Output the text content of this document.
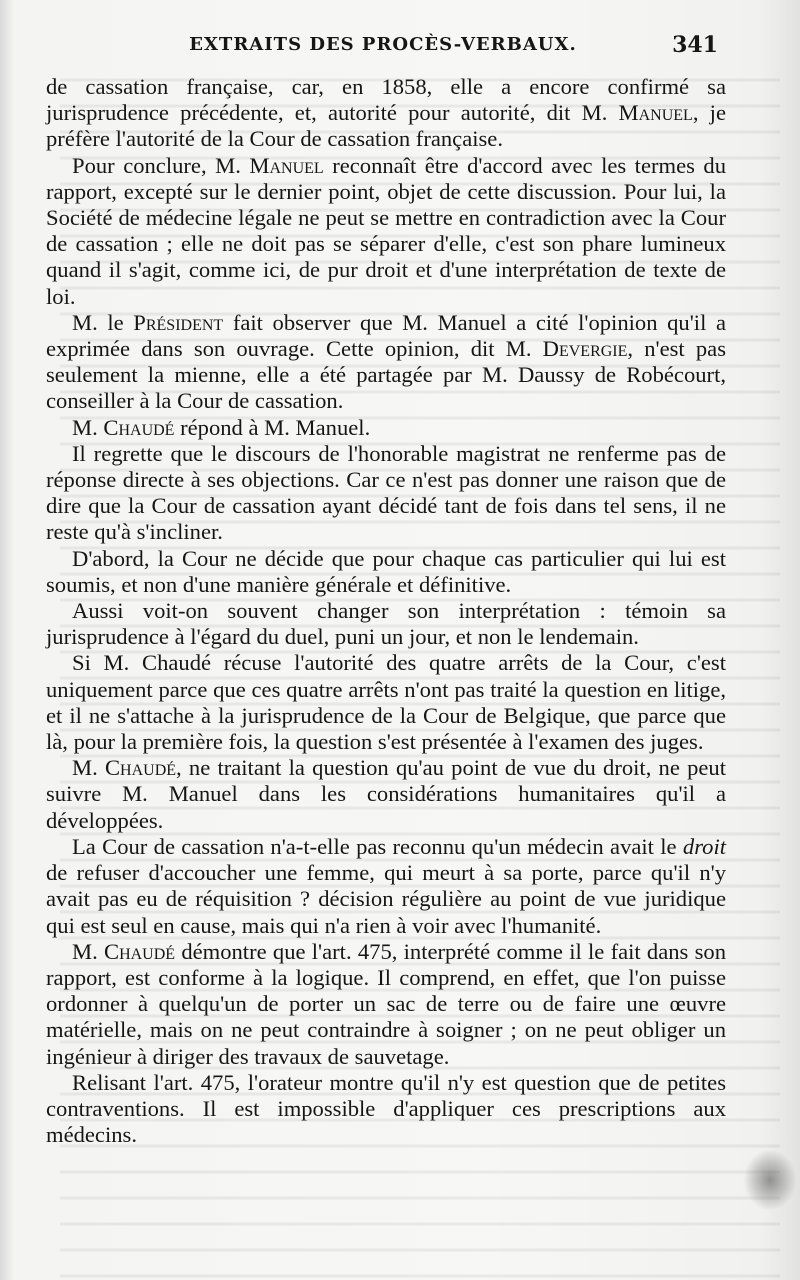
EXTRAITS DES PROCÈS-VERBAUX.	341

de cassation française, car, en 1858, elle a encore confirmé sa jurisprudence précédente, et, autorité pour autorité, dit M. Manuel, je préfère l'autorité de la Cour de cassation française.

Pour conclure, M. Manuel reconnaît être d'accord avec les termes du rapport, excepté sur le dernier point, objet de cette discussion. Pour lui, la Société de médecine légale ne peut se mettre en contradiction avec la Cour de cassation ; elle ne doit pas se séparer d'elle, c'est son phare lumineux quand il s'agit, comme ici, de pur droit et d'une interprétation de texte de loi.

M. le Président fait observer que M. Manuel a cité l'opinion qu'il a exprimée dans son ouvrage. Cette opinion, dit M. Devergie, n'est pas seulement la mienne, elle a été partagée par M. Daussy de Robécourt, conseiller à la Cour de cassation.

M. Chaudé répond à M. Manuel.

Il regrette que le discours de l'honorable magistrat ne renferme pas de réponse directe à ses objections. Car ce n'est pas donner une raison que de dire que la Cour de cassation ayant décidé tant de fois dans tel sens, il ne reste qu'à s'incliner.

D'abord, la Cour ne décide que pour chaque cas particulier qui lui est soumis, et non d'une manière générale et définitive.

Aussi voit-on souvent changer son interprétation : témoin sa jurisprudence à l'égard du duel, puni un jour, et non le lendemain.

Si M. Chaudé récuse l'autorité des quatre arrêts de la Cour, c'est uniquement parce que ces quatre arrêts n'ont pas traité la question en litige, et il ne s'attache à la jurisprudence de la Cour de Belgique, que parce que là, pour la première fois, la question s'est présentée à l'examen des juges.

M. Chaudé, ne traitant la question qu'au point de vue du droit, ne peut suivre M. Manuel dans les considérations humanitaires qu'il a développées.

La Cour de cassation n'a-t-elle pas reconnu qu'un médecin avait le droit de refuser d'accoucher une femme, qui meurt à sa porte, parce qu'il n'y avait pas eu de réquisition ? décision régulière au point de vue juridique qui est seul en cause, mais qui n'a rien à voir avec l'humanité.

M. Chaudé démontre que l'art. 475, interprété comme il le fait dans son rapport, est conforme à la logique. Il comprend, en effet, que l'on puisse ordonner à quelqu'un de porter un sac de terre ou de faire une œuvre matérielle, mais on ne peut contraindre à soigner ; on ne peut obliger un ingénieur à diriger des travaux de sauvetage.

Relisant l'art. 475, l'orateur montre qu'il n'y est question que de petites contraventions. Il est impossible d'appliquer ces prescriptions aux médecins.
